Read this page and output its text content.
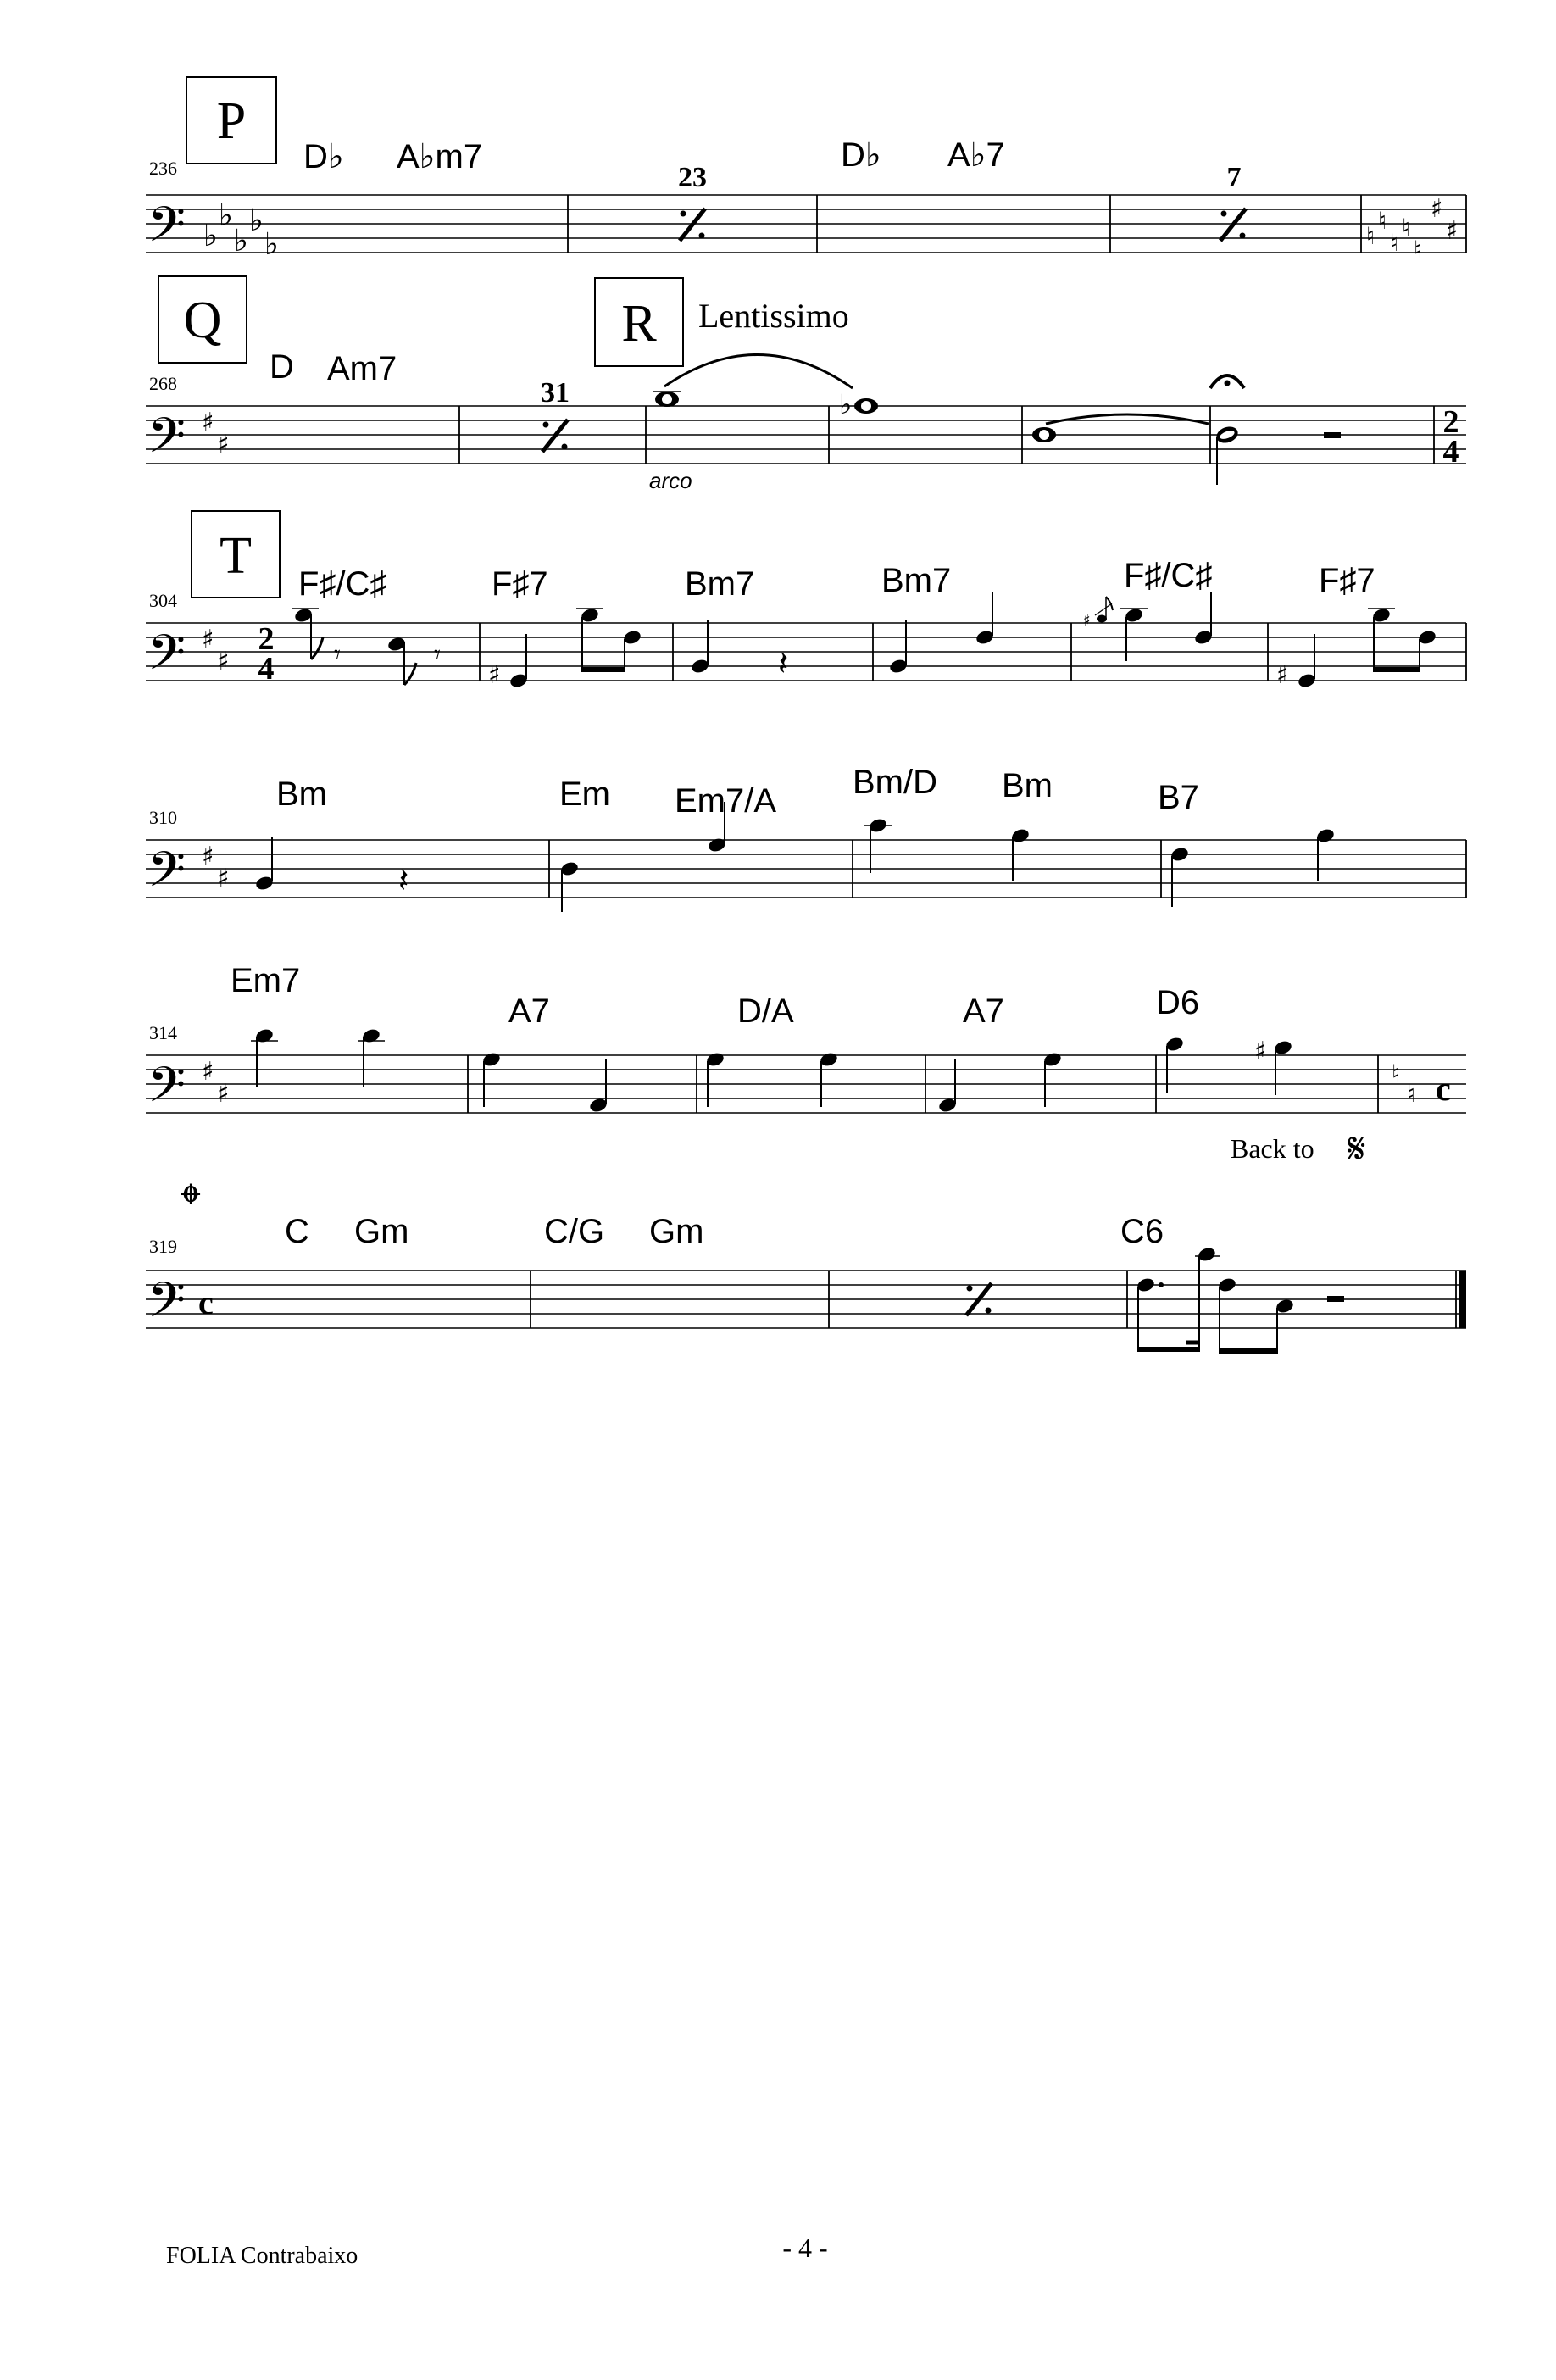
𝄢 ♭
♭
♭
♭
♭
P
236	D♭ A♭m7	D♭ A♭7
23	7
♮
♮
♮
♮
♮
♯
♯
𝄢 ♯
♯
Q	R Lentissimo
268	D Am7
31	♭
arco
2
4
𝄢 ♯
♯
2
4
T
304	F♯/C♯	F♯7	Bm7	Bm7	F♯/C♯	F♯7
𝄾	𝄾
♯	𝄽
♯
♯
𝄢 ♯
♯
310
Bm	Em Em7/A Bm/D Bm	B7
𝄽
𝄢 ♯
♯
314
Em7
A7	D/A	A7	D6
♯
♮
♮ c
Back to 𝄋
𝄢 c
𝄌
319	C Gm	C/G Gm	C6
FOLIA Contrabaixo	- 4 -
